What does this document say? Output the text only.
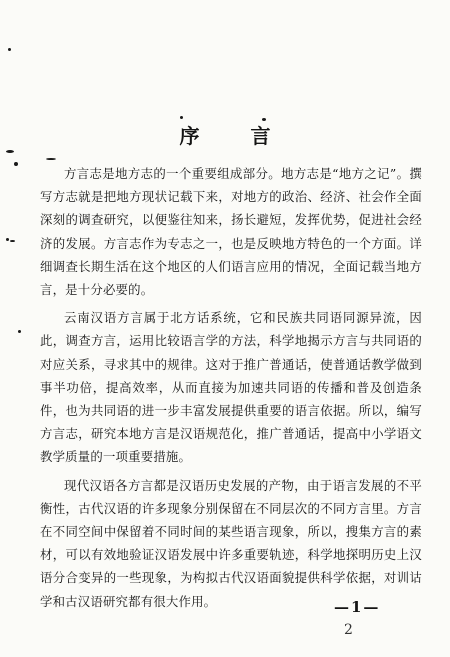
序 言

方言志是地方志的一个重要组成部分。地方志是“地方之记”。撰写方志就是把地方现状记载下来，对地方的政治、经济、社会作全面深刻的调查研究，以便鉴往知来，扬长避短，发挥优势，促进社会经济的发展。方言志作为专志之一，也是反映地方特色的一个方面。详细调查长期生活在这个地区的人们语言应用的情况，全面记载当地方言，是十分必要的。

云南汉语方言属于北方话系统，它和民族共同语同源异流，因此，调查方言，运用比较语言学的方法，科学地揭示方言与共同语的对应关系，寻求其中的规律。这对于推广普通话，使普通话教学做到事半功倍，提高效率，从而直接为加速共同语的传播和普及创造条件，也为共同语的进一步丰富发展提供重要的语言依据。所以，编写方言志，研究本地方言是汉语规范化，推广普通话，提高中小学语文教学质量的一项重要措施。

现代汉语各方言都是汉语历史发展的产物，由于语言发展的不平衡性，古代汉语的许多现象分别保留在不同层次的不同方言里。方言在不同空间中保留着不同时间的某些语言现象，所以，搜集方言的素材，可以有效地验证汉语发展中许多重要轨迹，科学地探明历史上汉语分合变异的一些现象，为构拟古代汉语面貌提供科学依据，对训诂学和古汉语研究都有很大作用。	—1—
2
